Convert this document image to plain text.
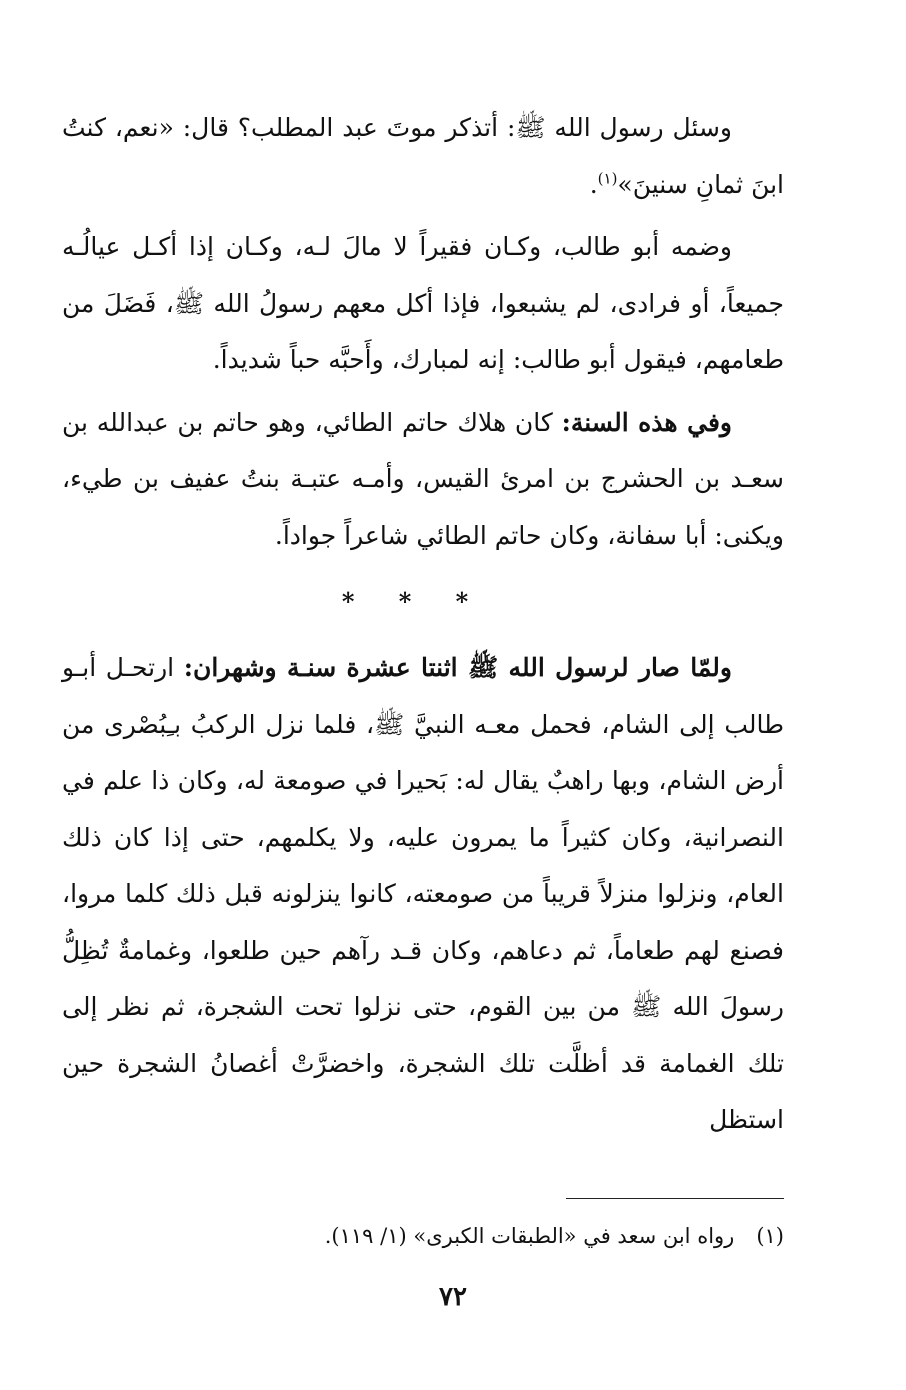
وسئل رسول الله ﷺ: أتذكر موتَ عبد المطلب؟ قال: «نعم، كنتُ ابنَ ثمانِ سنينَ»$^{(١)}$.

وضمه أبو طالب، وكـان فقيراً لا مالَ لـه، وكـان إذا أكـل عيالُـه جميعاً، أو فرادى، لم يشبعوا، فإذا أكل معهم رسولُ الله ﷺ، فَضَلَ من طعامهم، فيقول أبو طالب: إنه لمبارك، وأَحبَّه حباً شديداً.

وفي هذه السنة: كان هلاك حاتم الطائي، وهو حاتم بن عبدالله بن سعـد بن الحشرج بن امرئ القيس، وأمـه عتبـة بنتُ عفيف بن طيء، ويكنى: أبا سفانة، وكان حاتم الطائي شاعراً جواداً.

* * *

ولمّا صار لرسول الله ﷺ اثنتا عشرة سنـة وشهران: ارتحـل أبـو طالب إلى الشام، فحمل معـه النبيَّ ﷺ، فلما نزل الركبُ بـِبُصْرى من أرض الشام، وبها راهبٌ يقال له: بَحيرا في صومعة له، وكان ذا علم في النصرانية، وكان كثيراً ما يمرون عليه، ولا يكلمهم، حتى إذا كان ذلك العام، ونزلوا منزلاً قريباً من صومعته، كانوا ينزلونه قبل ذلك كلما مروا، فصنع لهم طعاماً، ثم دعاهم، وكان قـد رآهم حين طلعوا، وغمامةٌ تُظِلُّ رسولَ الله ﷺ من بين القوم، حتى نزلوا تحت الشجرة، ثم نظر إلى تلك الغمامة قد أظلَّت تلك الشجرة، واخضرَّتْ أغصانُ الشجرة حين استظل

(١)رواه ابن سعد في «الطبقات الكبرى» (١/ ١١٩).

٧٢
